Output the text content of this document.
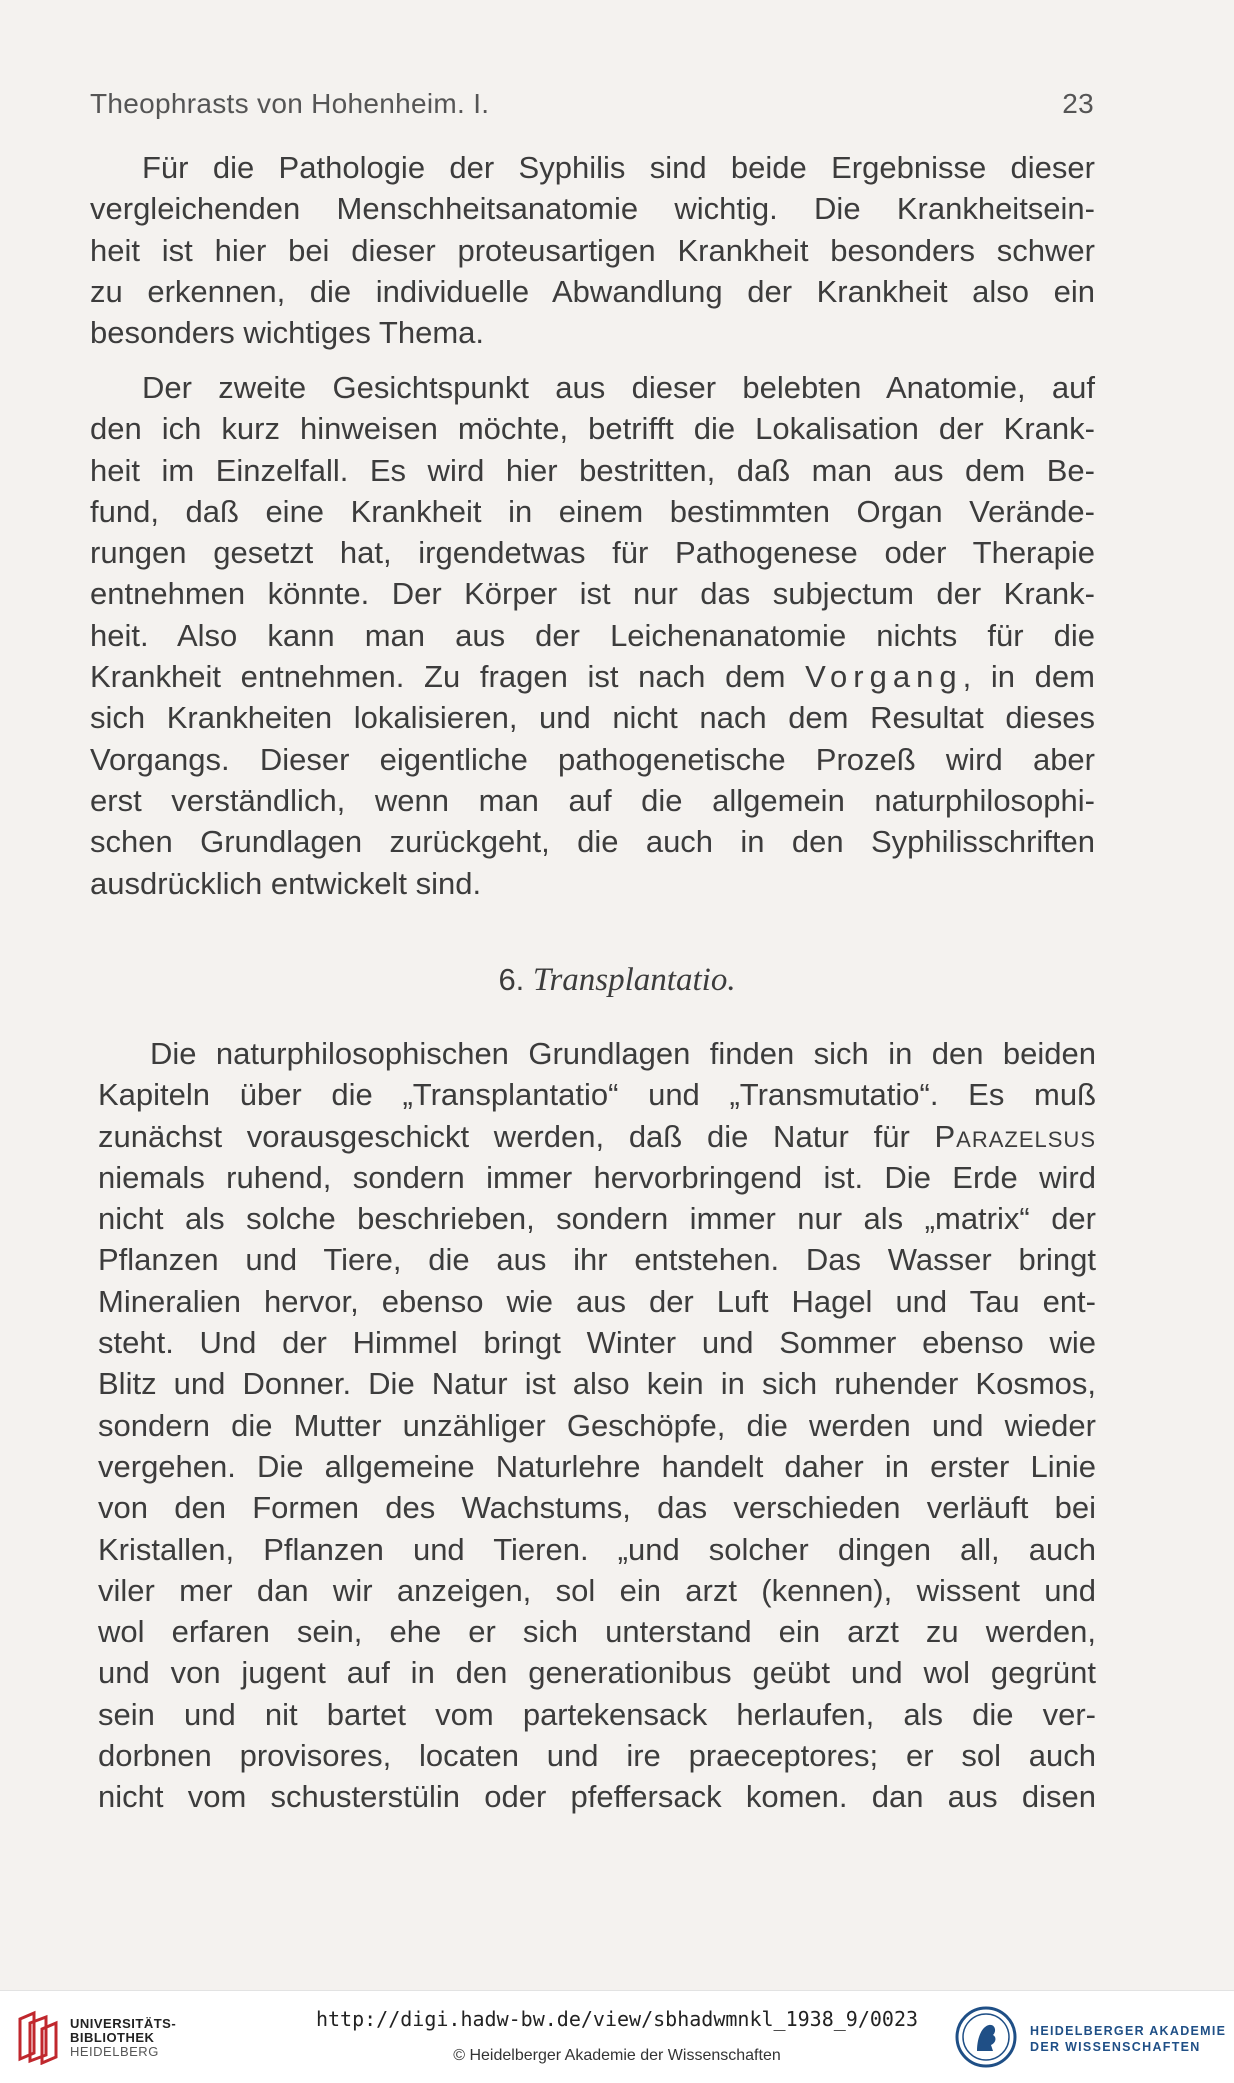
Theophrasts von Hohenheim. I.	23
Für die Pathologie der Syphilis sind beide Ergebnisse dieser
vergleichenden Menschheitsanatomie wichtig. Die Krankheitsein-
heit ist hier bei dieser proteusartigen Krankheit besonders schwer
zu erkennen, die individuelle Abwandlung der Krankheit also ein
besonders wichtiges Thema.
Der zweite Gesichtspunkt aus dieser belebten Anatomie, auf
den ich kurz hinweisen möchte, betrifft die Lokalisation der Krank-
heit im Einzelfall. Es wird hier bestritten, daß man aus dem Be-
fund, daß eine Krankheit in einem bestimmten Organ Verände-
rungen gesetzt hat, irgendetwas für Pathogenese oder Therapie
entnehmen könnte. Der Körper ist nur das subjectum der Krank-
heit. Also kann man aus der Leichenanatomie nichts für die
Krankheit entnehmen. Zu fragen ist nach dem Vorgang, in dem
sich Krankheiten lokalisieren, und nicht nach dem Resultat dieses
Vorgangs. Dieser eigentliche pathogenetische Prozeß wird aber
erst verständlich, wenn man auf die allgemein naturphilosophi-
schen Grundlagen zurückgeht, die auch in den Syphilisschriften
ausdrücklich entwickelt sind.
6. Transplantatio.
Die naturphilosophischen Grundlagen finden sich in den beiden
Kapiteln über die „Transplantatio“ und „Transmutatio“. Es muß
zunächst vorausgeschickt werden, daß die Natur für Parazelsus
niemals ruhend, sondern immer hervorbringend ist. Die Erde wird
nicht als solche beschrieben, sondern immer nur als „matrix“ der
Pflanzen und Tiere, die aus ihr entstehen. Das Wasser bringt
Mineralien hervor, ebenso wie aus der Luft Hagel und Tau ent-
steht. Und der Himmel bringt Winter und Sommer ebenso wie
Blitz und Donner. Die Natur ist also kein in sich ruhender Kosmos,
sondern die Mutter unzähliger Geschöpfe, die werden und wieder
vergehen. Die allgemeine Naturlehre handelt daher in erster Linie
von den Formen des Wachstums, das verschieden verläuft bei
Kristallen, Pflanzen und Tieren. „und solcher dingen all, auch
viler mer dan wir anzeigen, sol ein arzt (kennen), wissent und
wol erfaren sein, ehe er sich unterstand ein arzt zu werden,
und von jugent auf in den generationibus geübt und wol gegrünt
sein und nit bartet vom partekensack herlaufen, als die ver-
dorbnen provisores, locaten und ire praeceptores; er sol auch
nicht vom schusterstülin oder pfeffersack komen. dan aus disen
UNIVERSITÄTS-
BIBLIOTHEK
HEIDELBERG
http://digi.hadw-bw.de/view/sbhadwmnkl_1938_9/0023
© Heidelberger Akademie der Wissenschaften
HEIDELBERGER AKADEMIE
DER WISSENSCHAFTEN
